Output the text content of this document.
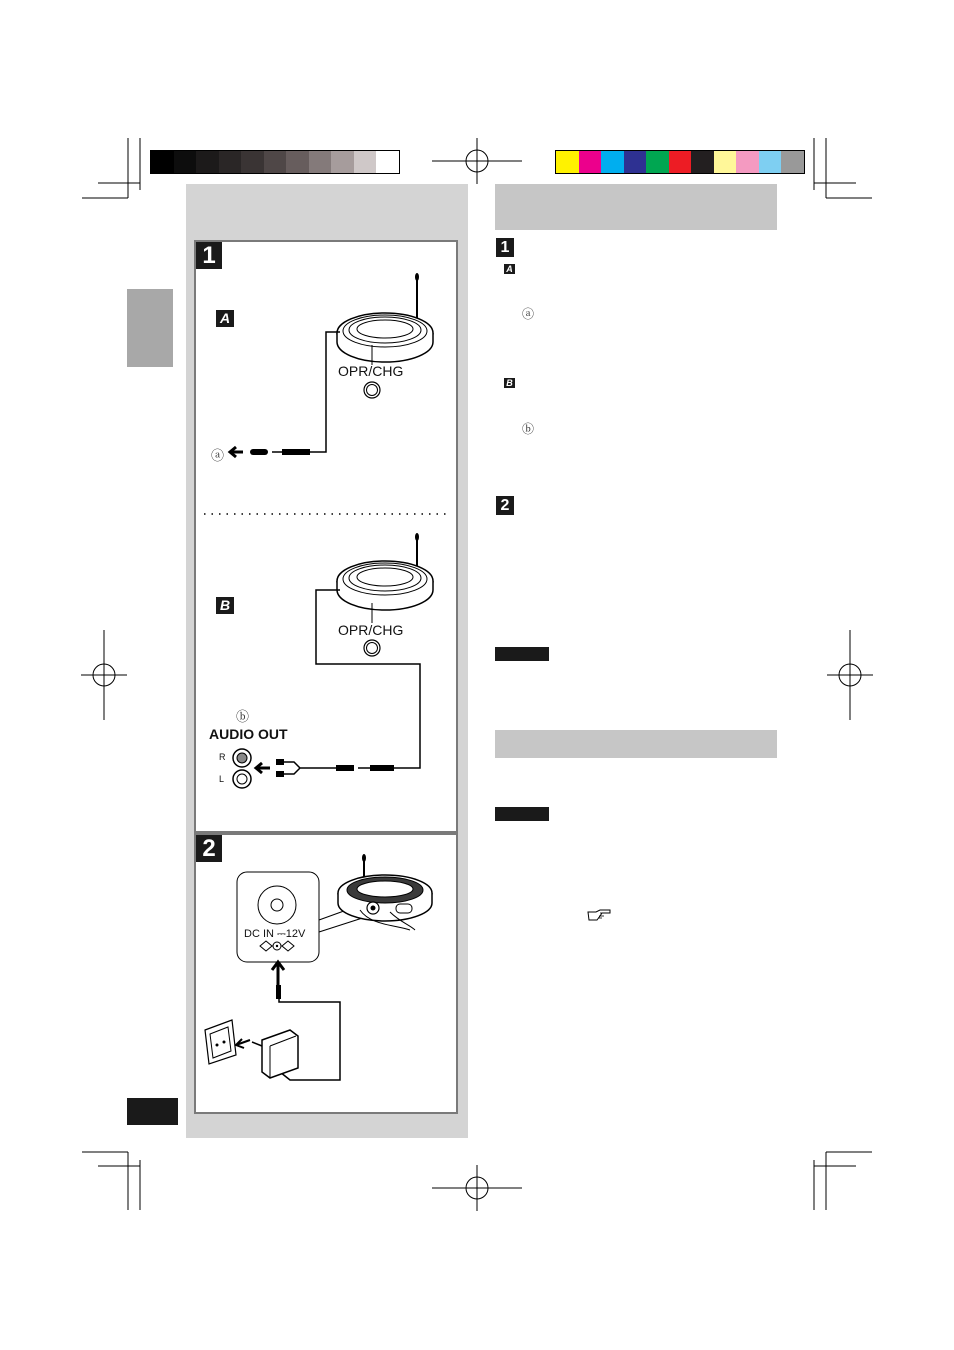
1
2
A
B
OPR/CHG
OPR/CHG
ⓐ
ⓑ
AUDIO OUT
R
L
DC IN ⎓12V
1
A
ⓐ
B
ⓑ
2
